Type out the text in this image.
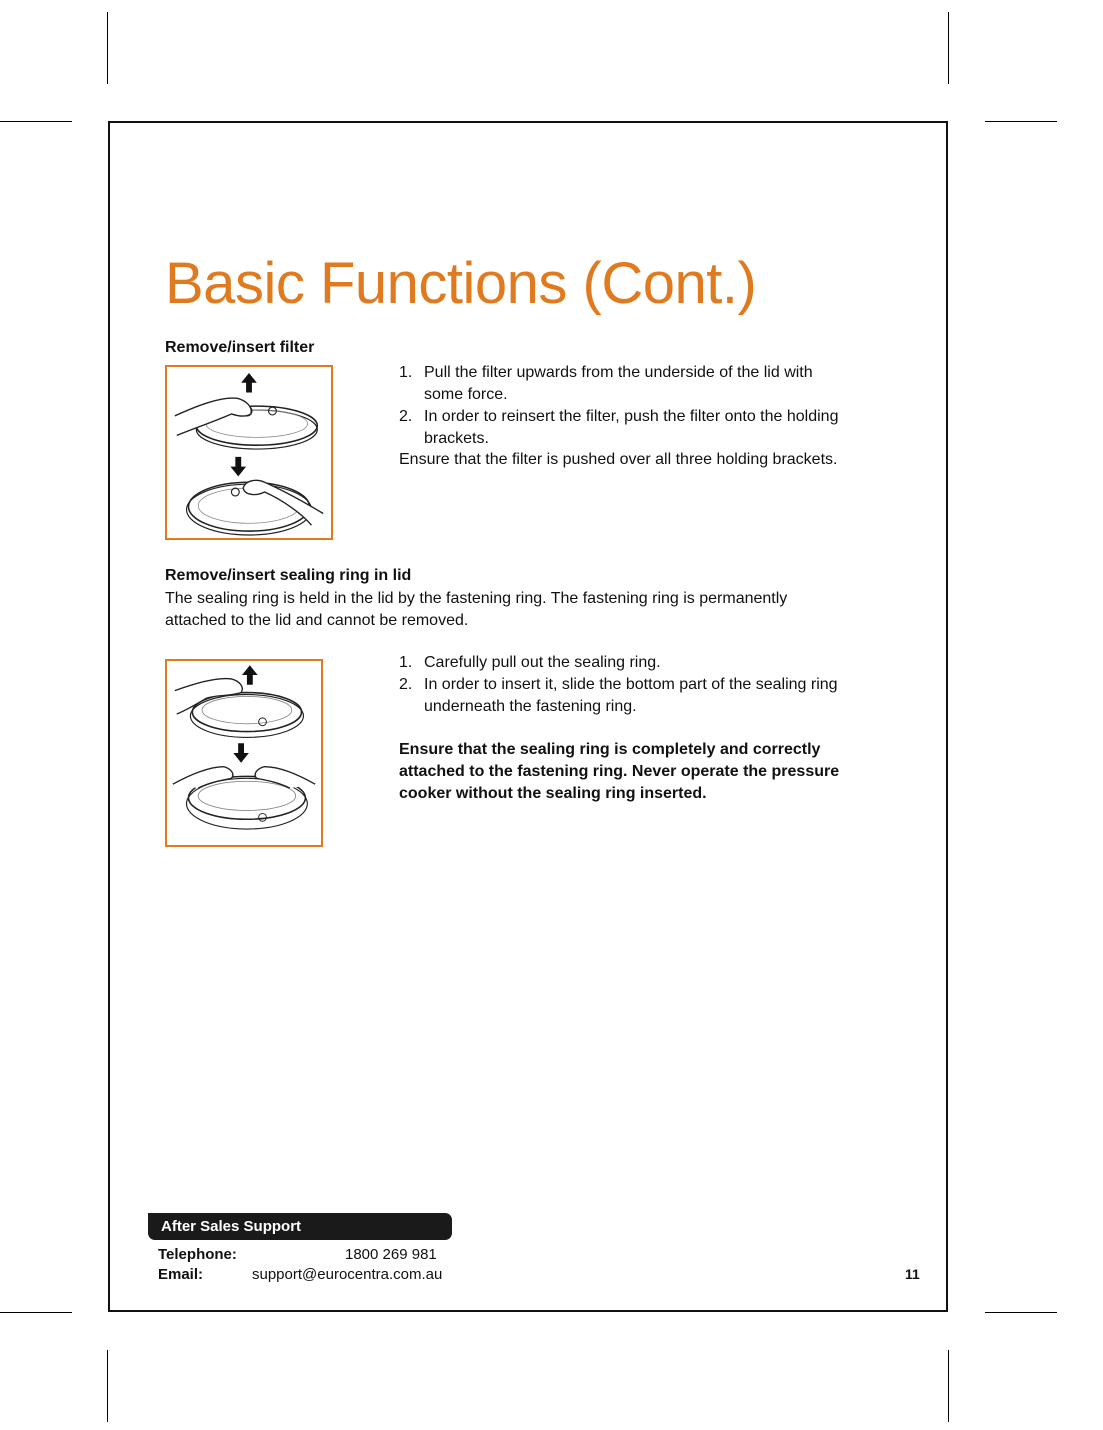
Basic Functions (Cont.)
Remove/insert filter
1. Pull the filter upwards from the underside of the lid with
some force.
2. In order to reinsert the filter, push the filter onto the holding
brackets.

Ensure that the filter is pushed over all three holding brackets.

Remove/insert sealing ring in lid

The sealing ring is held in the lid by the fastening ring. The fastening ring is permanently
attached to the lid and cannot be removed.

1. Carefully pull out the sealing ring.
2. In order to insert it, slide the bottom part of the sealing ring
underneath the fastening ring.

Ensure that the sealing ring is completely and correctly
attached to the fastening ring. Never operate the pressure
cooker without the sealing ring inserted.

After Sales Support
Telephone:	1800 269 981
Email:	support@eurocentra.com.au	11
